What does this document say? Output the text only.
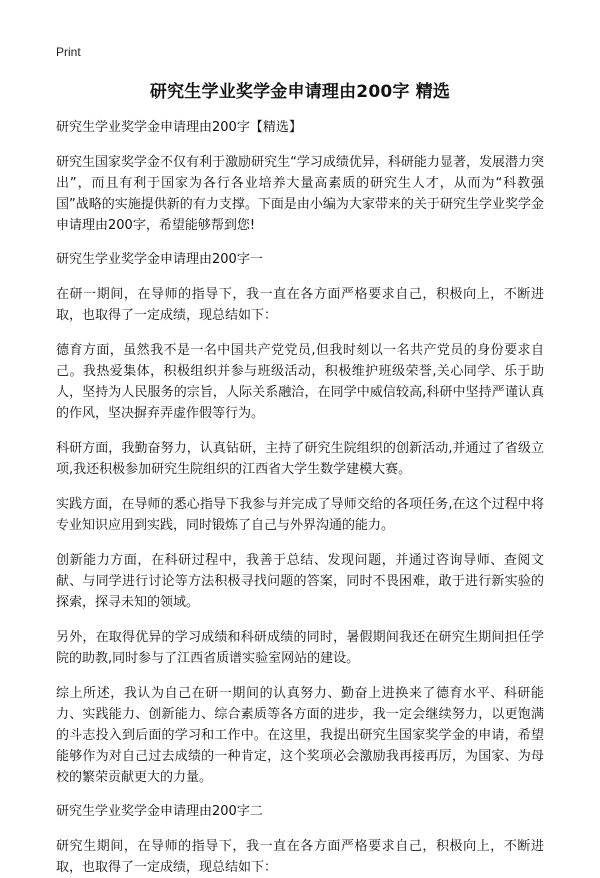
Print
研究生学业奖学金申请理由200字 精选
研究生学业奖学金申请理由200字【精选】
研究生国家奖学金不仅有利于激励研究生“学习成绩优异，科研能力显著，发展潜力突出”，而且有利于国家为各行各业培养大量高素质的研究生人才，从而为“科教强国”战略的实施提供新的有力支撑。下面是由小编为大家带来的关于研究生学业奖学金申请理由200字，希望能够帮到您!
研究生学业奖学金申请理由200字一
在研一期间，在导师的指导下，我一直在各方面严格要求自己，积极向上，不断进取，也取得了一定成绩，现总结如下：
德育方面，虽然我不是一名中国共产党党员,但我时刻以一名共产党员的身份要求自己。我热爱集体，积极组织并参与班级活动，积极维护班级荣誉,关心同学、乐于助人，坚持为人民服务的宗旨，人际关系融洽，在同学中威信较高,科研中坚持严谨认真的作风，坚决摒弃弄虚作假等行为。
科研方面，我勤奋努力，认真钻研，主持了研究生院组织的创新活动,并通过了省级立项,我还积极参加研究生院组织的江西省大学生数学建模大赛。
实践方面，在导师的悉心指导下我参与并完成了导师交给的各项任务,在这个过程中将专业知识应用到实践，同时锻炼了自己与外界沟通的能力。
创新能力方面，在科研过程中，我善于总结、发现问题，并通过咨询导师、查阅文献、与同学进行讨论等方法积极寻找问题的答案，同时不畏困难，敢于进行新实验的探索，探寻未知的领域。
另外，在取得优异的学习成绩和科研成绩的同时，暑假期间我还在研究生期间担任学院的助教,同时参与了江西省质谱实验室网站的建设。
综上所述，我认为自己在研一期间的认真努力、勤奋上进换来了德育水平、科研能力、实践能力、创新能力、综合素质等各方面的进步，我一定会继续努力，以更饱满的斗志投入到后面的学习和工作中。在这里，我提出研究生国家奖学金的申请，希望能够作为对自己过去成绩的一种肯定，这个奖项必会激励我再接再厉，为国家、为母校的繁荣贡献更大的力量。
研究生学业奖学金申请理由200字二
研究生期间，在导师的指导下，我一直在各方面严格要求自己，积极向上，不断进取，也取得了一定成绩，现总结如下：
